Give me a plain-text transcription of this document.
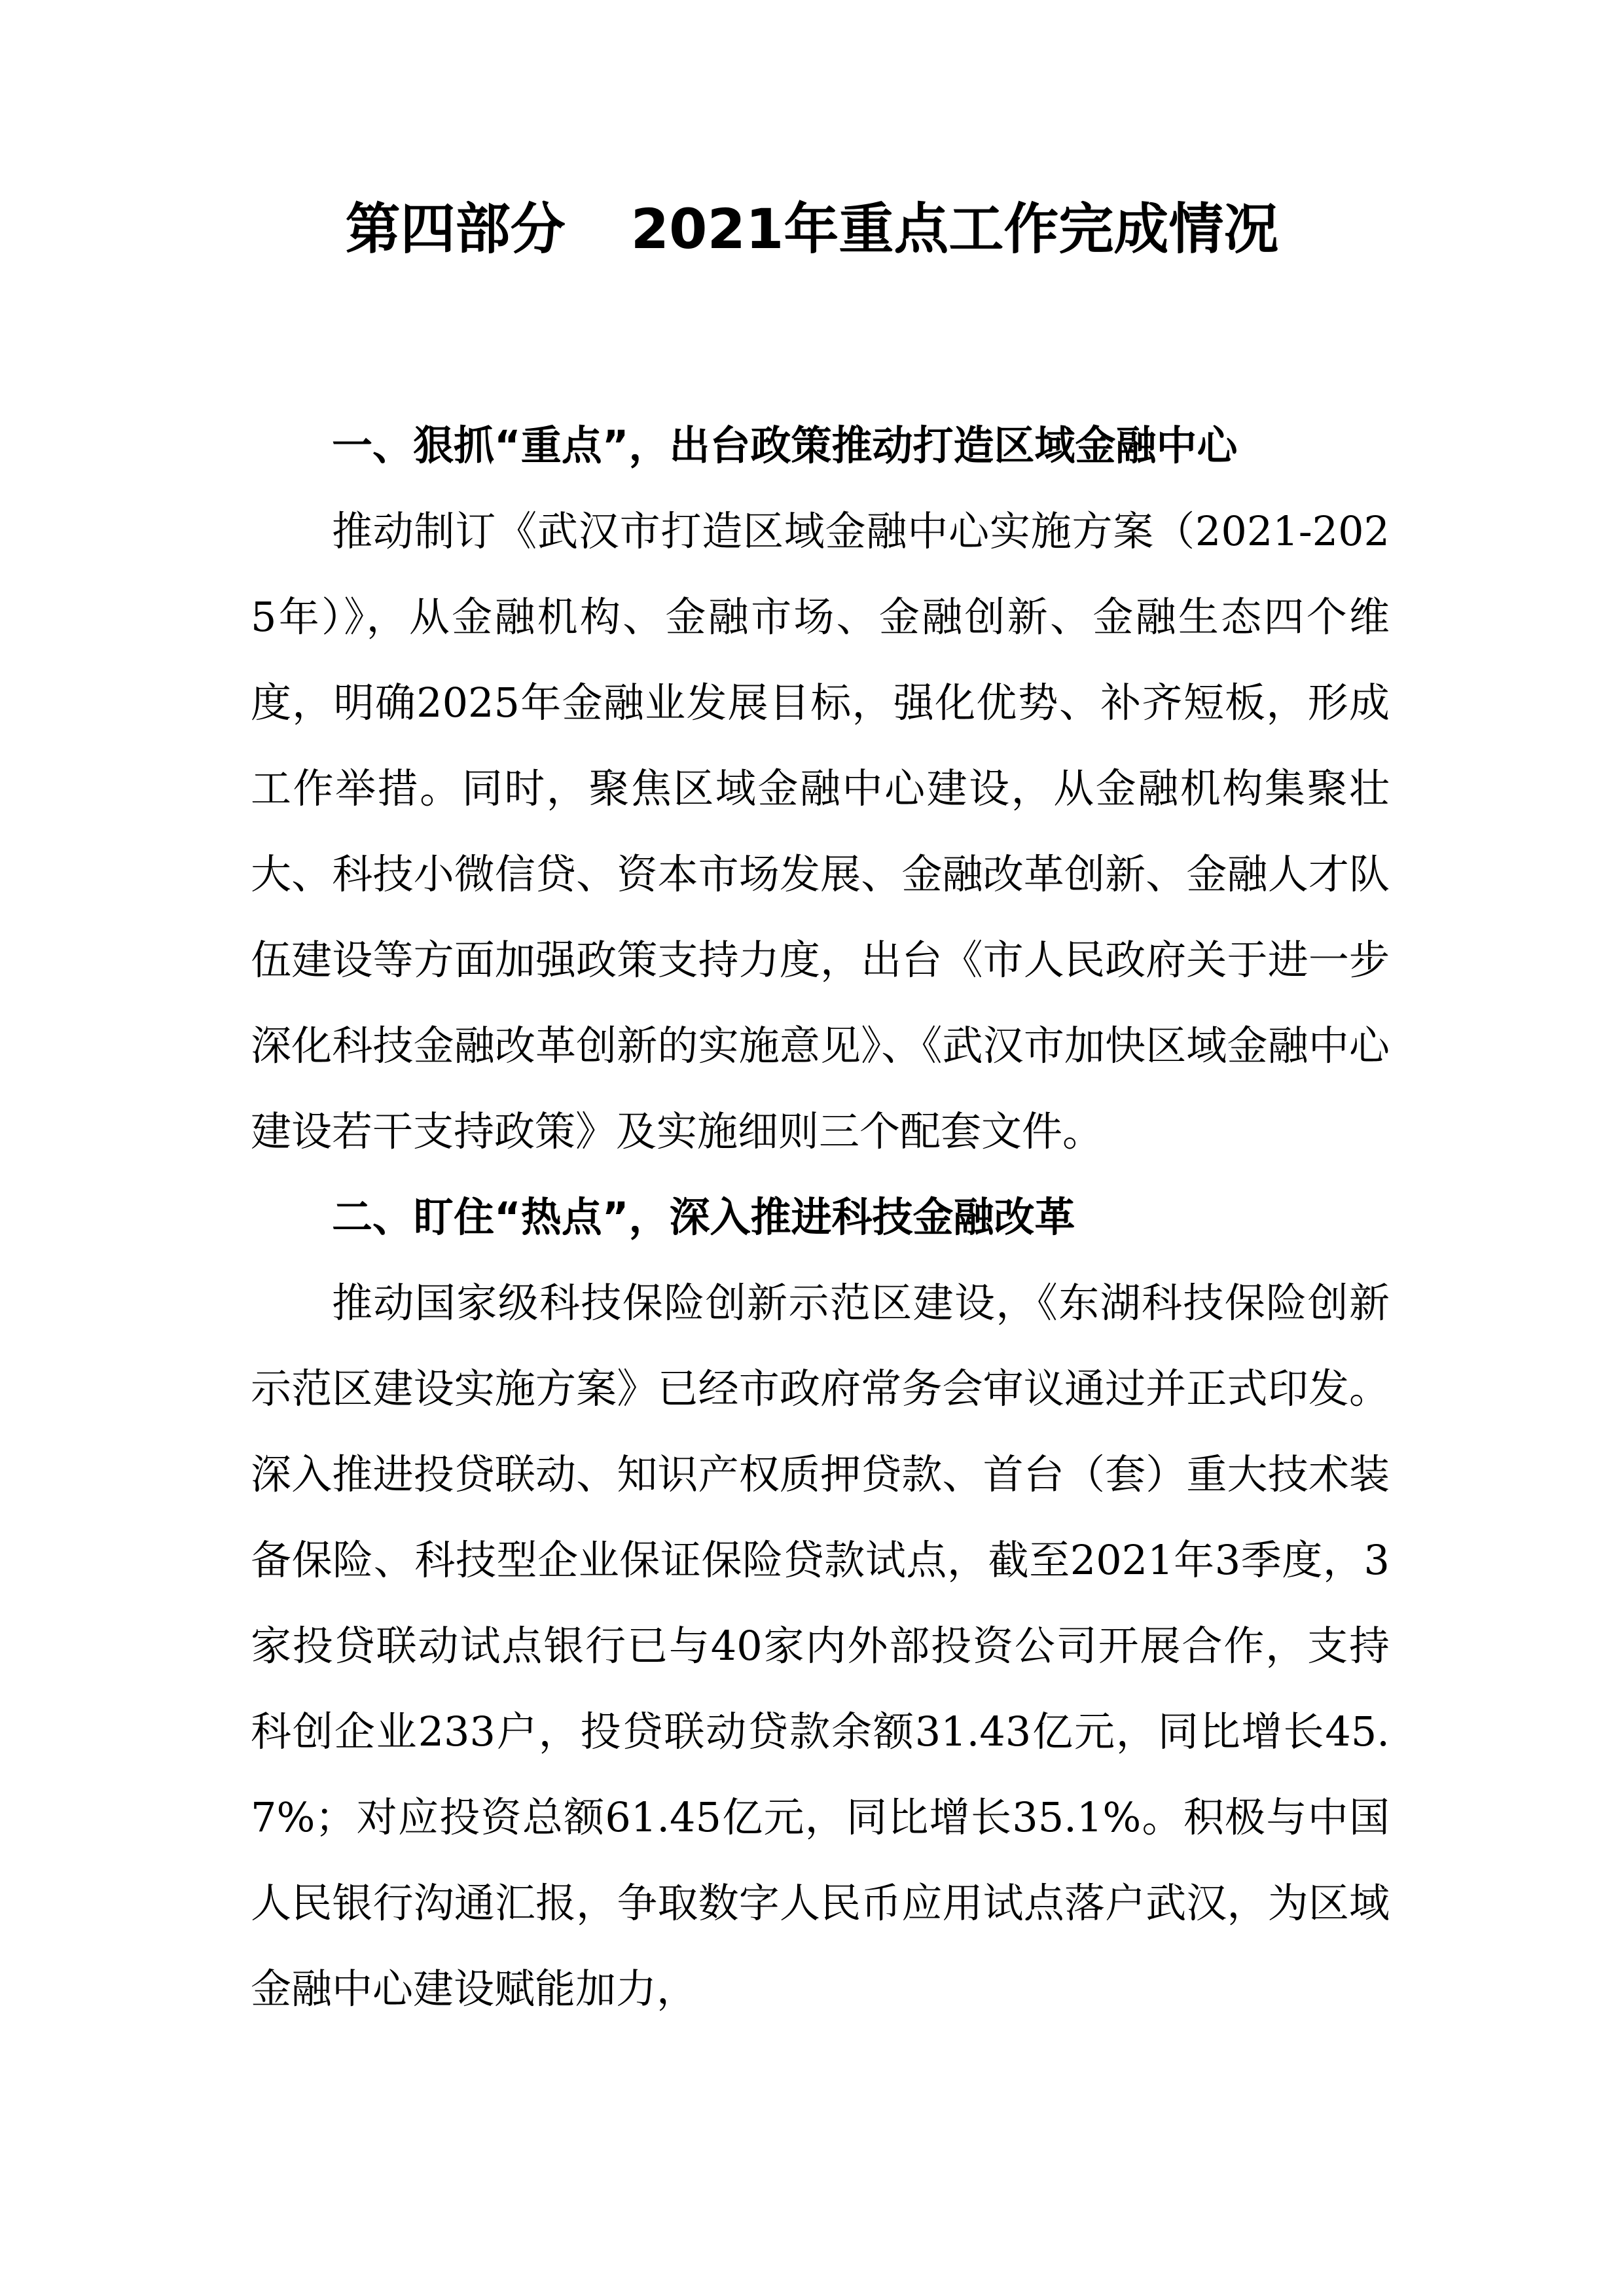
第四部分 2021年重点工作完成情况

一、狠抓“重点”，出台政策推动打造区域金融中心

推动制订《武汉市打造区域金融中心实施方案（2021-2025年）》，从金融机构、金融市场、金融创新、金融生态四个维度，明确2025年金融业发展目标，强化优势、补齐短板，形成工作举措。同时，聚焦区域金融中心建设，从金融机构集聚壮大、科技小微信贷、资本市场发展、金融改革创新、金融人才队伍建设等方面加强政策支持力度，出台《市人民政府关于进一步深化科技金融改革创新的实施意见》、《武汉市加快区域金融中心建设若干支持政策》及实施细则三个配套文件。

二、盯住“热点”，深入推进科技金融改革

推动国家级科技保险创新示范区建设，《东湖科技保险创新示范区建设实施方案》已经市政府常务会审议通过并正式印发。深入推进投贷联动、知识产权质押贷款、首台（套）重大技术装备保险、科技型企业保证保险贷款试点，截至2021年3季度，3家投贷联动试点银行已与40家内外部投资公司开展合作，支持科创企业233户，投贷联动贷款余额31.43亿元，同比增长45.7%；对应投资总额61.45亿元，同比增长35.1%。积极与中国人民银行沟通汇报，争取数字人民币应用试点落户武汉，为区域金融中心建设赋能加力，
